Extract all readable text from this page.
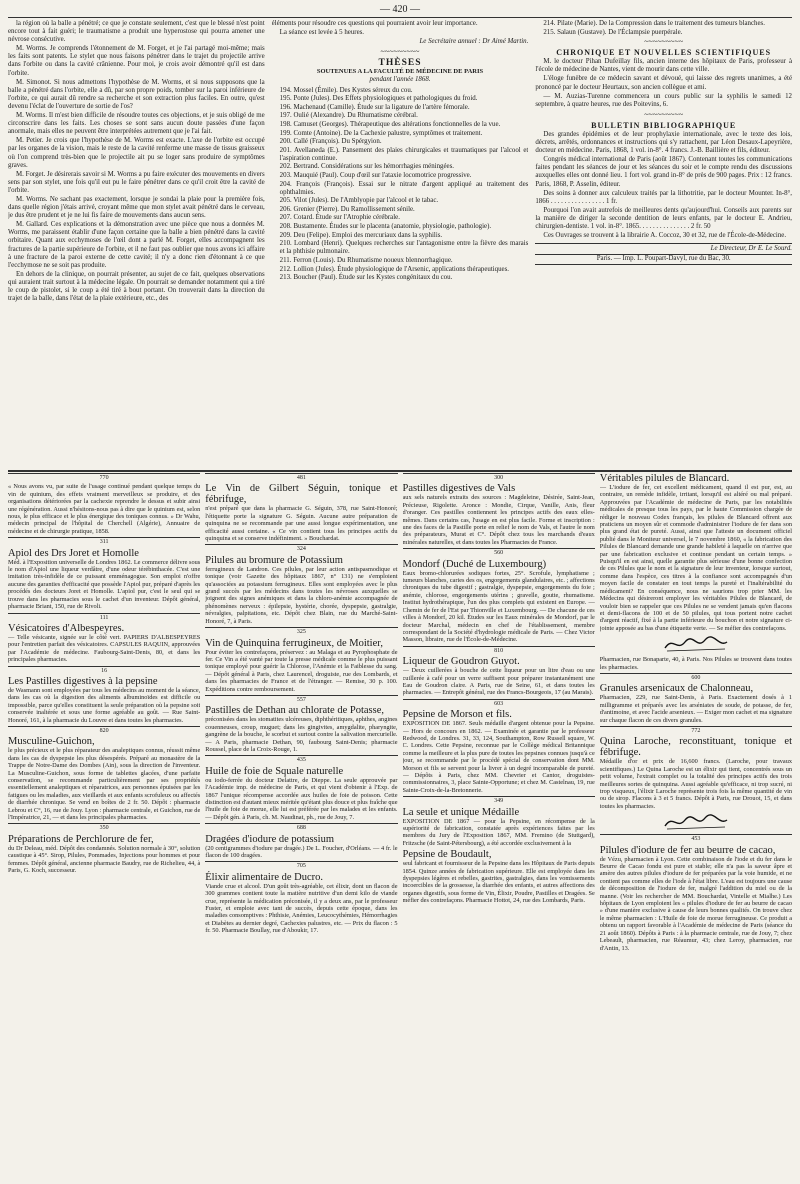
— 420 —

la région où la balle a pénétré; ce que je constate seulement, c'est que le blessé n'est point encore tout à fait guéri; le traumatisme a produit une hyperostose qui pourra amener une névrose consécutive.

M. Worms. Je comprends l'étonnement de M. Forget, et je l'ai partagé moi-même; mais les faits sont patents. Le stylet que nous faisons pénétrer dans le trajet du projectile arrive dans l'orbite ou dans la cavité crânienne. Pour moi, je crois avoir démontré qu'il est dans l'orbite.

M. Simonot. Si nous admettons l'hypothèse de M. Worms, et si nous supposons que la balle a pénétré dans l'orbite, elle a dû, par son propre poids, tomber sur la paroi inférieure de l'orbite, ce qui aurait dû rendre sa recherche et son extraction plus faciles. En outre, qu'est devenu l'éclat de l'ouverture de sortie de l'os?

M. Worms. Il m'est bien difficile de résoudre toutes ces objections, et je suis obligé de me circonscrire dans les faits. Les choses se sont sans aucun doute passées d'une façon anormale, mais elles ne peuvent être interprétées autrement que je l'ai fait.

M. Petier. Je crois que l'hypothèse de M. Worms est exacte. L'axe de l'orbite est occupé par les organes de la vision, mais le reste de la cavité renferme une masse de tissus graisseux où l'on comprend très-bien que le projectile ait pu se loger sans produire de symptômes graves.

M. Forget. Je désirerais savoir si M. Worms a pu faire exécuter des mouvements en divers sens par son stylet, une fois qu'il eut pu le faire pénétrer dans ce qu'il croit être la cavité de l'orbite.

M. Worms. Ne sachant pas exactement, lorsque je sondai la plaie pour la première fois, dans quelle région j'étais arrivé, croyant même que mon stylet avait pénétré dans le cerveau, je dus être prudent et je ne lui fis faire de mouvements dans aucun sens.

M. Gallard. Ces explications et la démonstration avec une pièce que nous a données M. Worms, me paraissent établir d'une façon certaine que la balle a bien pénétré dans la cavité orbitaire. Quant aux ecchymoses de l'œil dont a parlé M. Forget, elles accompagnent les fractures de la partie supérieure de l'orbite, et il ne faut pas oublier que nous avons ici affaire à une fracture de la paroi externe de cette cavité; il n'y a donc rien d'étonnant à ce que l'ecchymose ne se soit pas produite.

En dehors de la clinique, on pourrait présenter, au sujet de ce fait, quelques observations qui auraient trait surtout à la médecine légale. On pourrait se demander notamment qui a tiré le coup de pistolet, si le coup a été tiré à bout portant. On trouverait dans la direction du trajet de la balle, dans l'état de la plaie extérieure, etc., des

éléments pour résoudre ces questions qui pourraient avoir leur importance.

La séance est levée à 5 heures.

Le Secrétaire annuel : Dr Aimé Martin.

~~~~~~~~~
THÈSES
SOUTENUES A LA FACULTÉ DE MÉDECINE DE PARIS
pendant l'année 1868.

194. Mossel (Émile). Des Kystes séreux du cou.

195. Ponte (Jules). Des Effets physiologiques et pathologiques du froid.

196. Machenaud (Camille). Étude sur la ligature de l'artère fémorale.

197. Oulié (Alexandre). Du Rhumatisme cérébral.

198. Camuset (Georges). Thérapeutique des altérations fonctionnelles de la vue.

199. Comte (Antoine). De la Cachexie palustre, symptômes et traitement.

200. Callé (François). Du Spérgyion.

201. Avellaneda (E.). Pansement des plaies chirurgicales et traumatiques par l'alcool et l'aspiration continue.

202. Bertrand. Considérations sur les hémorrhagies méningées.

203. Mauquié (Paul). Coup d'œil sur l'ataxie locomotrice progressive.

204. François (François). Essai sur le nitrate d'argent appliqué au traitement des ophthalmies.

205. Vilot (Jules). De l'Amblyopie par l'alcool et le tabac.

206. Grenier (Pierre). Du Ramollissement sénile.

207. Cotard. Étude sur l'Atrophie cérébrale.

208. Bustamente. Études sur le placenta (anatomie, physiologie, pathologie).

209. Deu (Felipe). Emploi des mercuriaux dans la syphilis.

210. Lombard (Henri). Quelques recherches sur l'antagonisme entre la fièvre des marais et la phthisie pulmonaire.

211. Ferron (Louis). Du Rhumatisme noueux blennorrhagique.

212. Lollion (Jules). Étude physiologique de l'Arsenic, applications thérapeutiques.

213. Boucher (Paul). Étude sur les Kystes congénitaux du cou.

214. Pilate (Marie). De la Compression dans le traitement des tumeurs blanches.

215. Salaun (Gustave). De l'Éclampsie puerpérale.

~~~~~~~~~
CHRONIQUE ET NOUVELLES SCIENTIFIQUES

M. le docteur Pihan Dufeillay fils, ancien interne des hôpitaux de Paris, professeur à l'école de médecine de Nantes, vient de mourir dans cette ville.

L'éloge funèbre de ce médecin savant et dévoué, qui laisse des regrets unanimes, a été prononcé par le docteur Heurtaux, son ancien collègue et ami.

— M. Auzias-Turenne commencera un cours public sur la syphilis le samedi 12 septembre, à quatre heures, rue des Poitevins, 6.

~~~~~~~~~
BULLETIN BIBLIOGRAPHIQUE

Des grandes épidémies et de leur prophylaxie internationale, avec le texte des lois, décrets, arrêtés, ordonnances et instructions qui s'y rattachent, par Léon Desaux-Lapeyrière, docteur en médecine. Paris, 1868, 1 vol. in-8°. 4 francs. J.-B. Baillière et fils, éditeur.

Congrès médical international de Paris (août 1867). Contenant toutes les communications faites pendant les séances de jour et les séances du soir et le compte rendu des discussions auxquelles elles ont donné lieu. 1 fort vol. grand in-8° de près de 900 pages. Prix : 12 francs. Paris, 1868, P. Asselin, éditeur.

Des soins à donner aux calculeux traités par la lithotritie, par le docteur Mounter. In-8°, 1866 . . . . . . . . . . . . . . . . 1 fr.

Pourquoi l'on avait autrefois de meilleures dents qu'aujourd'hui. Conseils aux parents sur la manière de diriger la seconde dentition de leurs enfants, par le docteur E. Andrieu, chirurgien-dentiste. 1 vol. in-8°. 1865. . . . . . . . . . . . . . . 2 fr. 50

Ces Ouvrages se trouvent à la librairie A. Coccoz, 30 et 32, rue de l'École-de-Médecine.

Le Directeur, Dr E. Le Sourd.

Paris. — Imp. L. Poupart-Davyl, rue du Bac, 30.

770

« Nous avons vu, par suite de l'usage continué pendant quelque temps du vin de quinium, des effets vraiment merveilleux se produire, et des organisations détériorées par la cachexie reprendre le dessus et subir ainsi une régénération. Aussi n'hésitons-nous pas à dire que le quinium est, selon nous, le plus efficace et le plus énergique des toniques connus. » Dr Wahu, médecin principal de l'hôpital de Cherchell (Algérie), Annuaire de médecine et de chirurgie pratique, 1858.

311
Apiol des Drs Joret et Homolle

Méd. à l'Exposition universelle de Londres 1862. Le commerce délivre sous le nom d'Apiol une liqueur verdâtre, d'une odeur térébinthacée. C'est une imitation très-infidèle de ce puissant emménagogue. Son emploi n'offre aucune des garanties d'efficacité que possède l'Apiol pur, préparé d'après les procédés des docteurs Joret et Homolle. L'apiol pur, c'est le seul qui se trouve dans les pharmacies sous le cachet d'un inventeur. Dépôt général, pharmacie Briant, 150, rue de Rivoli.

111
Vésicatoires d'Albespeyres.

— Telle vésicante, signée sur le côté vert. PAPIERS D'ALBESPEYRES pour l'entretien parfait des vésicatoires. CAPSULES RAQUIN, approuvées par l'Académie de médecine. Faubourg-Saint-Denis, 80, et dans les principales pharmacies.

16
Les Pastilles digestives à la pepsine

de Wasmann sont employées par tous les médecins au moment de la séance, dans les cas où la digestion des aliments albuminoïdes est difficile ou impossible, parce qu'elles constituent la seule préparation où la pepsine soit conservée inaltérée et sous une forme agréable au goût. — Rue Saint-Honoré, 161, à la pharmacie du Louvre et dans toutes les pharmacies.

820
Musculine-Guichon,

le plus précieux et le plus réparateur des analeptiques connus, réussit même dans les cas de dyspepsie les plus désespérés. Préparé au monastère de la Trappe de Notre-Dame des Dombes (Ain), sous la direction de l'inventeur. La Musculine-Guichon, sous forme de tablettes glacées, d'une parfaite conservation, se recommande particulièrement par ses propriétés essentiellement analeptiques et réparatrices, aux personnes épuisées par les fatigues ou les maladies, aux vieillards et aux enfants scrofuleux ou affectés de diarrhée chronique. Se vend en boîtes de 2 fr. 50. Dépôt : pharmacie Lebrou et C°, 16, rue de Jouy. Lyon : pharmacie centrale, et Guichon, rue de l'Impératrice, 21, — et dans les principales pharmacies.

350
Préparations de Perchlorure de fer,

du Dr Deleau, méd. Dépôt des condamnés. Solution normale à 30°, solution caustique à 45°. Sirop, Pilules, Pommades, Injections pour hommes et pour femmes. Dépôt général, ancienne pharmacie Baudry, rue de Richelieu, 44, à Paris, G. Koch, successeur.

481
Le Vin de Gilbert Séguin, tonique et fébrifuge,

n'est préparé que dans la pharmacie G. Séguin, 378, rue Saint-Honoré; l'étiquette porte la signature G. Séguin. Aucune autre préparation de quinquina ne se recommande par une aussi longue expérimentation, une efficacité aussi certaine. « Ce vin contient tous les principes actifs du quinquina et se conserve indéfiniment. » Bouchardat.

324
Pilules au bromure de Potassium

ferrugineux de Landron. Ces pilules, par leur action antispasmodique et tonique (voir Gazette des hôpitaux 1867, n° 131) ne s'emploient qu'associées au potassium ferrugineux. Elles sont employées avec le plus grand succès par les médecins dans toutes les névroses auxquelles se joignent des signes anémiques et dans la chloro-anémie accompagnée de phénomènes nerveux : épilepsie, hystérie, chorée, dyspepsie, gastralgie, névralgies, palpitations, etc. Dépôt chez Blain, rue du Marché-Saint-Honoré, 7, à Paris.

325
Vin de Quinquina ferrugineux, de Moitier,

Pour éviter les contrefaçons, préservez : au Malaga et au Pyrophosphate de fer. Ce Vin a été vanté par toute la presse médicale comme le plus puissant tonique employé pour guérir la Chlorose, l'Anémie et la Faiblesse du sang. — Dépôt général à Paris, chez Laurencel, droguiste, rue des Lombards, et dans les pharmacies de France et de l'étranger. — Remise, 30 p. 100. Expéditions contre remboursement.

557
Pastilles de Dethan au chlorate de Potasse,

préconisées dans les stomatites ulcéreuses, diphthéritiques, aphthes, angines couenneuses, croup, muguet; dans les gingivites, amygdalite, pharyngite, gangrène de la bouche, le scorbut et surtout contre la salivation mercurielle. — A Paris, pharmacie Dethan, 90, faubourg Saint-Denis; pharmacie Roussel, place de la Croix-Rouge, 1.

435
Huile de foie de Squale naturelle

ou iodo-ferrée du docteur Delattre, de Dieppe. La seule approuvée par l'Académie imp. de médecine de Paris, et qui vient d'obtenir à l'Exp. de 1867 l'unique récompense accordée aux huiles de foie de poisson. Cette distinction est d'autant mieux méritée qu'étant plus douce et plus fraîche que l'huile de foie de morue, elle lui est préférée par les malades et les enfants. — Dépôt gén. à Paris, ch. M. Naudinat, ph., rue de Jouy, 7.

688
Dragées d'iodure de potassium

(20 centigrammes d'iodure par dragée.) De L. Foucher, d'Orléans. — 4 fr. le flacon de 100 dragées.

705
Élixir alimentaire de Ducro.

Viande crue et alcool. D'un goût très-agréable, cet élixir, dont un flacon de 300 grammes contient toute la matière nutritive d'un demi kilo de viande crue, représente la médication préconisée, il y a deux ans, par le professeur Fuster, et emploie avec tant de succès, depuis cette époque, dans les maladies consomptives : Phthisie, Anémies, Leucocythémies, Hémorrhagies et Diabètes au dernier degré, Cachexies palustres, etc. — Prix du flacon : 5 fr. 50. Pharmacie Boullay, rue d'Aboukir, 17.

300
Pastilles digestives de Vals

aux sels naturels extraits des sources : Magdeleine, Désirée, Saint-Jean, Précieuse, Rigolette. Aronce : Mondie, Cirque, Vanille, Anis, fleur d'oranger. Ces pastilles contiennent les principes actifs des eaux elles-mêmes. Dans certains cas, l'usage en est plus facile. Forme et inscription : une des faces de la Pastille porte en relief le nom de Vals, et l'autre le nom des préparateurs, Murat et C°. Dépôt chez tous les marchands d'eaux minérales naturelles, et dans toutes les Pharmacies de France.

560
Mondorf (Duché de Luxembourg)

Eaux bromo-chlorurées sodiques fortes, 25°. Scrofule, lymphatisme ; tumeurs blanches, caries des os, engorgements glandulaires, etc. ; affections chroniques du tube digestif ; gastralgie, dyspepsie, engorgements du foie ; anémie, chlorose, engorgements utérins ; gravelle, goutte, rhumatisme. Institut hydrothérapique, l'un des plus complets qui existent en Europe. — Chemin de fer de l'Est par Thionville et Luxembourg. — De chacune de ces villes à Mondorf, 20 kil. Études sur les Eaux minérales de Mondorf, par le docteur Marchal, médecin en chef de l'établissement, membre correspondant de la Société d'hydrologie médicale de Paris. — Chez Victor Masson, libraire, rue de l'École-de-Médecine.

810
Liqueur de Goudron Guyot.

— Deux cuillerées à bouche de cette liqueur pour un litre d'eau ou une cuillerée à café pour un verre suffisent pour préparer instantanément une Eau de Goudron claire. A Paris, rue de Seine, 61, et dans toutes les pharmacies. — Entrepôt général, rue des Francs-Bourgeois, 17 (au Marais).

603
Pepsine de Morson et fils.

EXPOSITION DE 1867. Seuls médaille d'argent obtenue pour la Pepsine. — Hors de concours en 1862. — Examinée et garantie par le professeur Redwood, de Londres. 31, 33, 124, Southampton, Row Russell square, W. C. Londres. Cette Pepsine, reconnue par le Collège médical Britannique comme la meilleure et la plus pure de toutes les pepsines connues jusqu'à ce jour, se recommande par le procédé spécial de conservation dont MM. Morson et fils se servent pour la livrer à un degré incomparable de pureté. — Dépôts à Paris, chez MM. Chevrier et Cantor, droguistes-commissionnaires, 3, place Sainte-Opportune; et chez M. Castelnau, 19, rue Sainte-Croix-de-la-Bretonnerie.

349
La seule et unique Médaille

EXPOSITION DE 1867 — pour la Pepsine, en récompense de la supériorité de fabrication, constatée après expériences faites par les membres du Jury de l'Exposition 1867, MM. Fremino (de Stuttgard), Fritzsche (de Saint-Pétersbourg), a été accordée exclusivement à la

Pepsine de Boudault,

seul fabricant et fournisseur de la Pepsine dans les Hôpitaux de Paris depuis 1854. Quinze années de fabrication supérieure. Elle est employée dans les dyspepsies légères et rebelles, gastrites, gastralgies, dans les vomissements incoercibles de la grossesse, la diarrhée des enfants, et autres affections des organes digestifs, sous forme de Vin, Élixir, Poudre, Pastilles et Dragées. Se méfier des contrefaçons. Pharmacie Hottot, 24, rue des Lombards, Paris.

Véritables pilules de Blancard.

— L'iodure de fer, cet excellent médicament, quand il est pur, est, au contraire, un remède infidèle, irritant, lorsqu'il est altéré ou mal préparé. Approuvées par l'Académie de médecine de Paris, par les notabilités médicales de presque tous les pays, par le haute Commission chargée de rédiger le nouveau Codex français, les pilules de Blancard offrent aux praticiens un moyen sûr et commode d'administrer l'iodure de fer dans son plus grand état de pureté. Aussi, ainsi que l'atteste un document officiel publié dans le Moniteur universel, le 7 novembre 1860, « la fabrication des Pilules de Blancard demande une grande habileté à laquelle on n'arrive que par une fabrication exclusive et continue pendant un certain temps. » Puisqu'il en est ainsi, quelle garantie plus sérieuse d'une bonne confection de ces Pilules que le nom et la signature de leur inventeur, lorsque surtout, comme dans l'espèce, ces titres à la confiance sont accompagnés d'un moyen facile de constater en tout temps la pureté et l'inaltérabilité du médicament? En conséquence, nous ne saurions trop prier MM. les Médecins qui désireront employer les véritables Pilules de Blancard, de vouloir bien se rappeler que ces Pilules ne se vendent jamais qu'en flacons et demi-flacons de 100 et de 50 pilules, qui tous portent notre cachet d'argent réactif, fixé à la partie inférieure du bouchon et notre signature ci-jointe apposée au bas d'une étiquette verte. — Se méfier des contrefaçons.

Pharmacien, rue Bonaparte, 40, à Paris. Nos Pilules se trouvent dans toutes les pharmacies.

600
Granules arsenicaux de Chalonneau,

Pharmacien, 229, rue Saint-Denis, à Paris. Exactement dosés à 1 milligramme et préparés avec les arséniates de soude, de potasse, de fer, d'antimoine, et avec l'acide arsenieux. — Exiger mon cachet et ma signature sur chaque flacon de ces divers granules.

772
Quina Laroche, reconstituant, tonique et fébrifuge.

Médaille d'or et prix de 16,600 francs. (Laroche, pour travaux scientifiques.) Le Quina Laroche est un élixir qui tient, concentrés sous un petit volume, l'extrait complet ou la totalité des principes actifs des trois meilleures sortes de quinquina. Aussi agréable qu'efficace, ni trop sucré, ni trop visqueux, l'élixir Laroche représente trois fois la même quantité de vin ou de sirop. Flacons à 3 et 5 francs. Dépôt à Paris, rue Drouot, 15, et dans toutes les pharmacies.

453
Pilules d'iodure de fer au beurre de cacao,

de Vézu, pharmacien à Lyon. Cette combinaison de l'iode et du fer dans le Beurre de Cacao fondu est pure et stable; elle n'a pas la saveur âpre et amère des autres pilules d'iodure de fer préparées par la voie humide, et ne contient pas comme elles de l'iode à l'état libre. L'eau est toujours une cause de décomposition de l'iodure de fer, malgré l'addition du miel ou de la manne. (Voir les rechercher de MM. Bouchardat, Vintelle et Mialhe.) Les hôpitaux de Lyon emploient les « pilules d'iodure de fer au beurre de cacao » d'une manière exclusive à cause de leurs bonnes qualités. On trouve chez le même pharmacien : L'Huile de foie de morue ferrugineuse. Ce produit a obtenu un rapport favorable à l'Académie de médecine de Paris (séance du 21 août 1860). Dépôts à Paris : à la pharmacie centrale, rue de Jouy, 7; chez Lebeault, pharmacien, rue Réaumur, 43; chez Leroy, pharmacien, rue d'Antin, 13.
